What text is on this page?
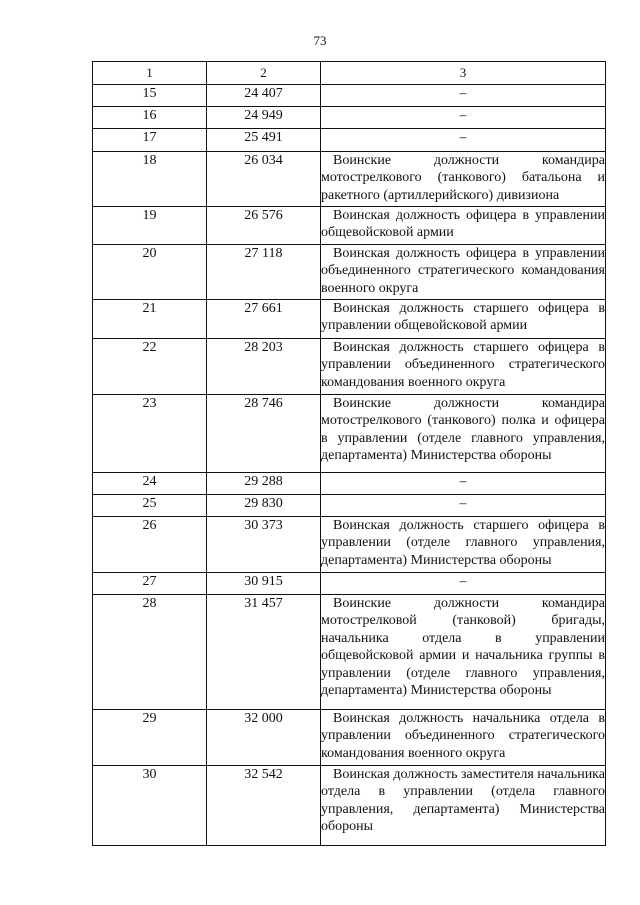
73
1	2	3
15	24 407	–
16	24 949	–
17	25 491	–
18	26 034	Воинские должности командира мотострелкового (танкового) батальона и ракетного (артиллерийского) дивизиона

19	26 576	Воинская должность офицера в управлении общевойсковой армии

20	27 118	Воинская должность офицера в управлении объединенного стратегического командования военного округа

21	27 661	Воинская должность старшего офицера в управлении общевойсковой армии

22	28 203	Воинская должность старшего офицера в управлении объединенного стратегического командования военного округа

23	28 746	Воинские должности командира мотострелкового (танкового) полка и офицера в управлении (отделе главного управления, департамента) Министерства обороны

24	29 288	–
25	29 830	–
26	30 373	Воинская должность старшего офицера в управлении (отделе главного управления, департамента) Министерства обороны

27	30 915	–
28	31 457	Воинские должности командира мотострелковой (танковой) бригады, начальника отдела в управлении общевойсковой армии и начальника группы в управлении (отделе главного управления, департамента) Министерства обороны

29	32 000	Воинская должность начальника отдела в управлении объединенного стратегического командования военного округа

30	32 542	Воинская должность заместителя начальника отдела в управлении (отдела главного управления, департамента) Министерства обороны
